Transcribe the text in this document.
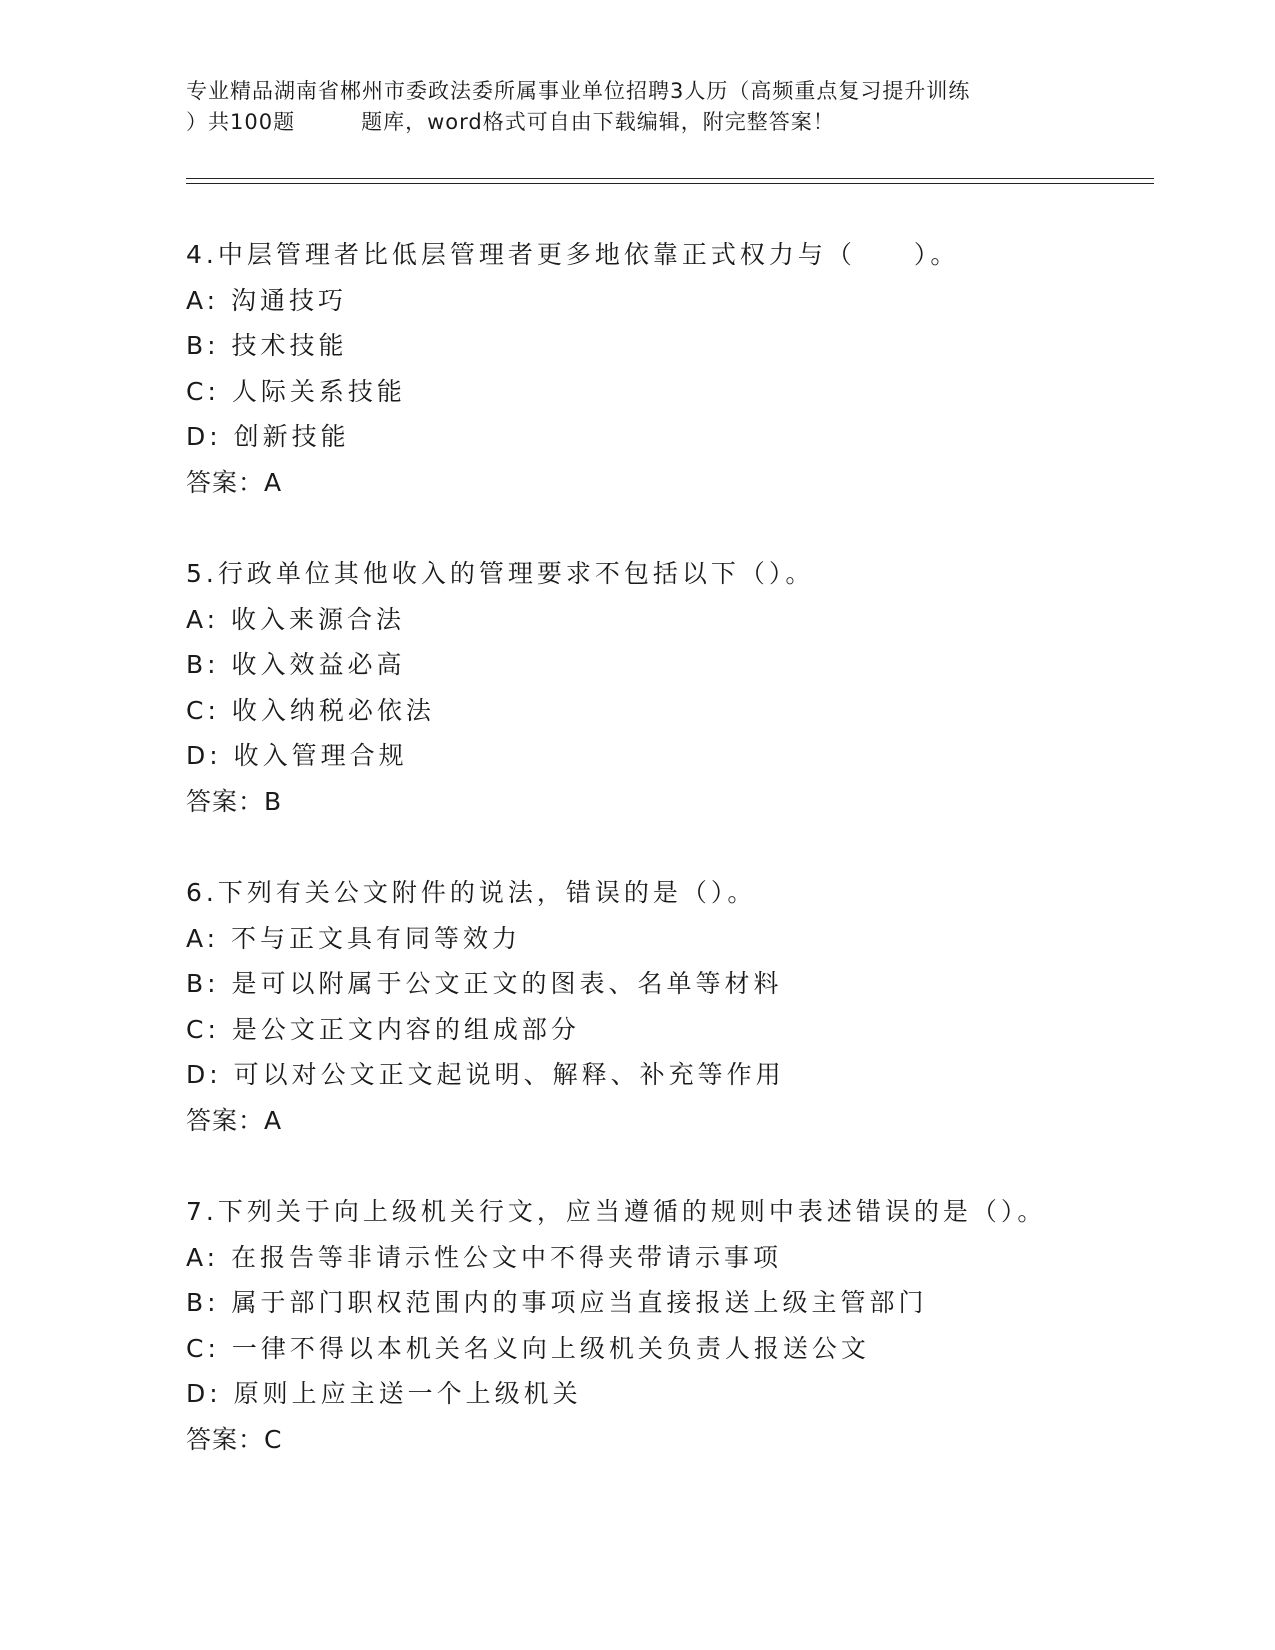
专业精品湖南省郴州市委政法委所属事业单位招聘3人历（高频重点复习提升训练
）共100题　　　题库，word格式可自由下载编辑，附完整答案！
4.中层管理者比低层管理者更多地依靠正式权力与（　　）。
A: 沟通技巧
B: 技术技能
C: 人际关系技能
D: 创新技能
答案：A
5.行政单位其他收入的管理要求不包括以下（）。
A: 收入来源合法
B: 收入效益必高
C: 收入纳税必依法
D: 收入管理合规
答案：B
6.下列有关公文附件的说法，错误的是（）。
A: 不与正文具有同等效力
B: 是可以附属于公文正文的图表、名单等材料
C: 是公文正文内容的组成部分
D: 可以对公文正文起说明、解释、补充等作用
答案：A
7.下列关于向上级机关行文，应当遵循的规则中表述错误的是（）。
A: 在报告等非请示性公文中不得夹带请示事项
B: 属于部门职权范围内的事项应当直接报送上级主管部门
C: 一律不得以本机关名义向上级机关负责人报送公文
D: 原则上应主送一个上级机关
答案：C
